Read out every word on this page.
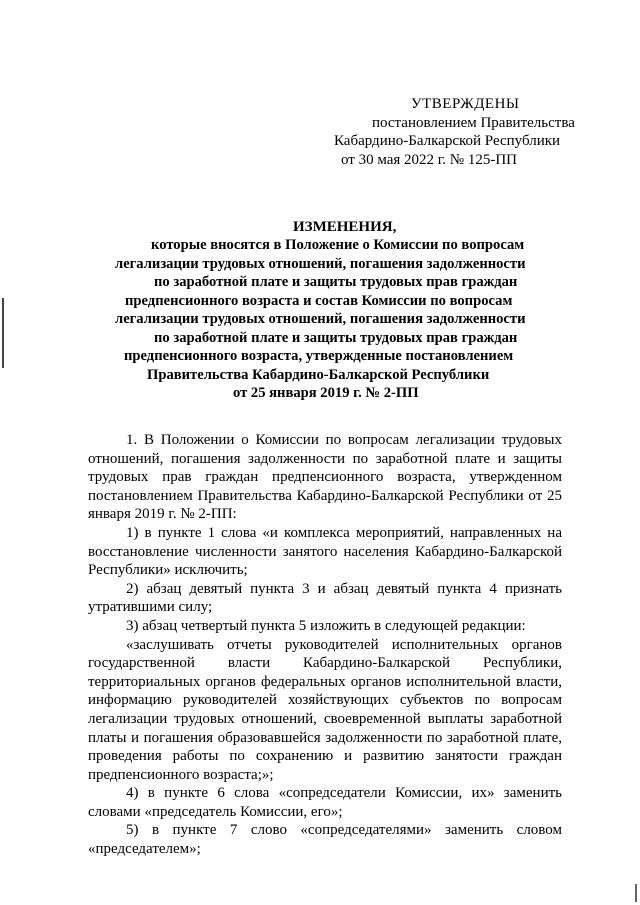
УТВЕРЖДЕНЫ
постановлением Правительства
Кабардино-Балкарской Республики
от 30 мая 2022 г. № 125-ПП
ИЗМЕНЕНИЯ,
которые вносятся в Положение о Комиссии по вопросам
легализации трудовых отношений, погашения задолженности
по заработной плате и защиты трудовых прав граждан
предпенсионного возраста и состав Комиссии по вопросам
легализации трудовых отношений, погашения задолженности
по заработной плате и защиты трудовых прав граждан
предпенсионного возраста, утвержденные постановлением
Правительства Кабардино-Балкарской Республики
от 25 января 2019 г. № 2-ПП

1. В Положении о Комиссии по вопросам легализации трудовых отношений, погашения задолженности по заработной плате и защиты трудовых прав граждан предпенсионного возраста, утвержденном постановлением Правительства Кабардино-Балкарской Республики от 25 января 2019 г. № 2-ПП:

1) в пункте 1 слова «и комплекса мероприятий, направленных на восстановление численности занятого населения Кабардино-Балкарской Республики» исключить;

2) абзац девятый пункта 3 и абзац девятый пункта 4 признать утратившими силу;

3) абзац четвертый пункта 5 изложить в следующей редакции:

«заслушивать отчеты руководителей исполнительных органов государственной власти Кабардино-Балкарской Республики, территориальных органов федеральных органов исполнительной власти, информацию руководителей хозяйствующих субъектов по вопросам легализации трудовых отношений, своевременной выплаты заработной платы и погашения образовавшейся задолженности по заработной плате, проведения работы по сохранению и развитию занятости граждан предпенсионного возраста;»;

4) в пункте 6 слова «сопредседатели Комиссии, их» заменить словами «председатель Комиссии, его»;

5) в пункте 7 слово «сопредседателями» заменить словом «председателем»;
